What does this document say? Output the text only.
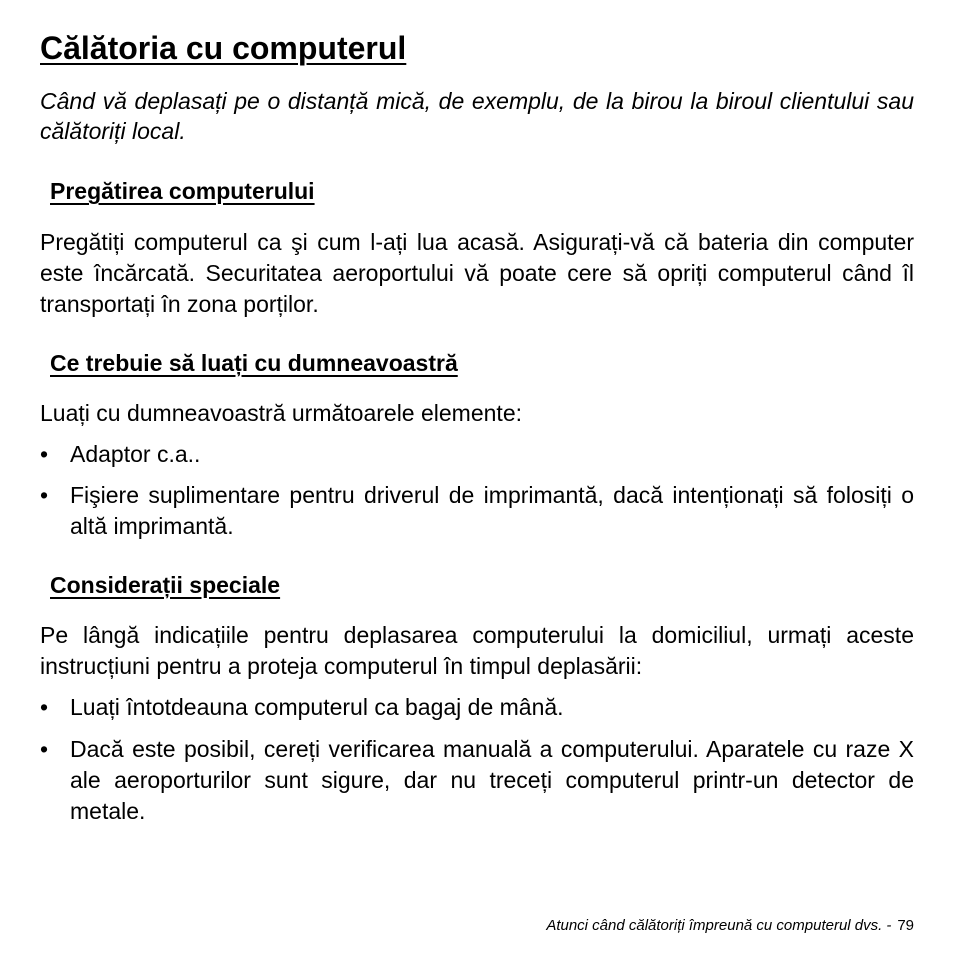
Călătoria cu computerul

Când vă deplasați pe o distanță mică, de exemplu, de la birou la biroul clientului sau călătoriți local.

Pregătirea computerului

Pregătiți computerul ca şi cum l-ați lua acasă. Asigurați-vă că bateria din computer este încărcată. Securitatea aeroportului vă poate cere să opriți computerul când îl transportați în zona porților.

Ce trebuie să luați cu dumneavoastră

Luați cu dumneavoastră următoarele elemente:

• Adaptor c.a..
• Fişiere suplimentare pentru driverul de imprimantă, dacă intenționați să folosiți o altă imprimantă.
Considerații speciale

Pe lângă indicațiile pentru deplasarea computerului la domiciliul, urmați aceste instrucțiuni pentru a proteja computerul în timpul deplasării:

• Luați întotdeauna computerul ca bagaj de mână.
• Dacă este posibil, cereți verificarea manuală a computerului. Aparatele cu raze X ale aeroporturilor sunt sigure, dar nu treceți computerul printr-un detector de metale.
Atunci când călătoriți împreună cu computerul dvs. - 79
